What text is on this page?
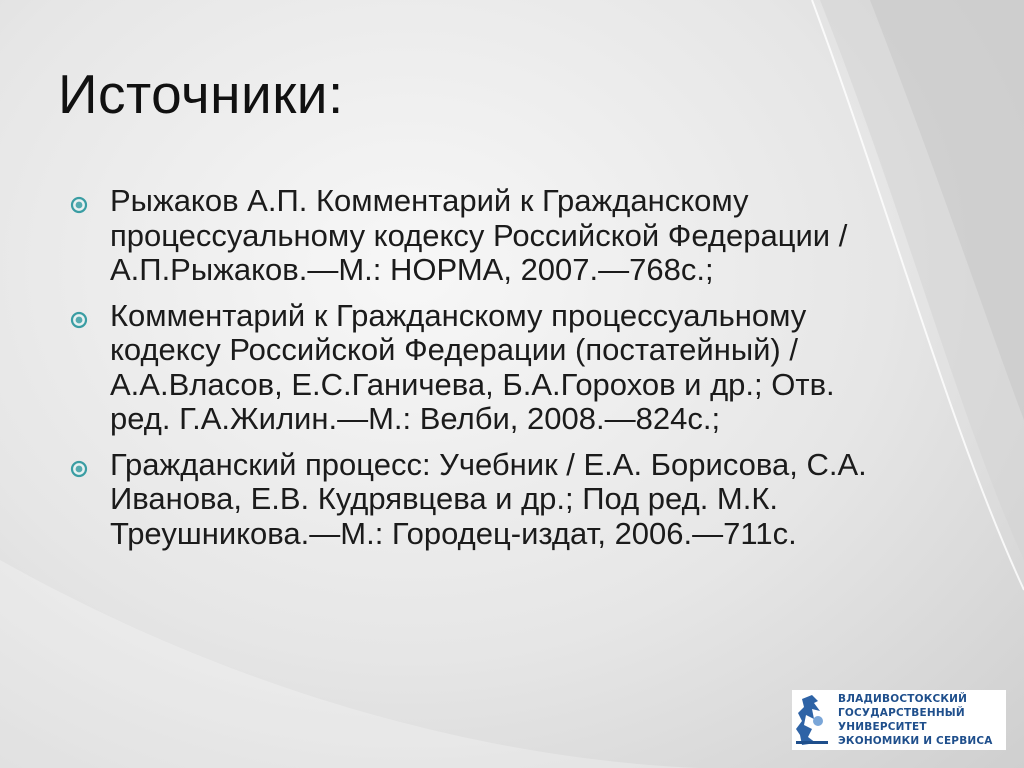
Источники:
Рыжаков А.П. Комментарий к Гражданскому процессуальному кодексу Российской Федерации / А.П.Рыжаков.—М.: НОРМА, 2007.—768с.;
Комментарий к Гражданскому процессуальному кодексу Российской Федерации (постатейный) / А.А.Власов, Е.С.Ганичева, Б.А.Горохов и др.; Отв. ред. Г.А.Жилин.—М.: Велби, 2008.—824с.;
Гражданский процесс: Учебник / Е.А. Борисова, С.А. Иванова, Е.В. Кудрявцева и др.; Под ред. М.К. Треушникова.—М.: Городец-издат, 2006.—711с.
ВЛАДИВОСТОКСКИЙ
ГОСУДАРСТВЕННЫЙ
УНИВЕРСИТЕТ
ЭКОНОМИКИ И СЕРВИСА
